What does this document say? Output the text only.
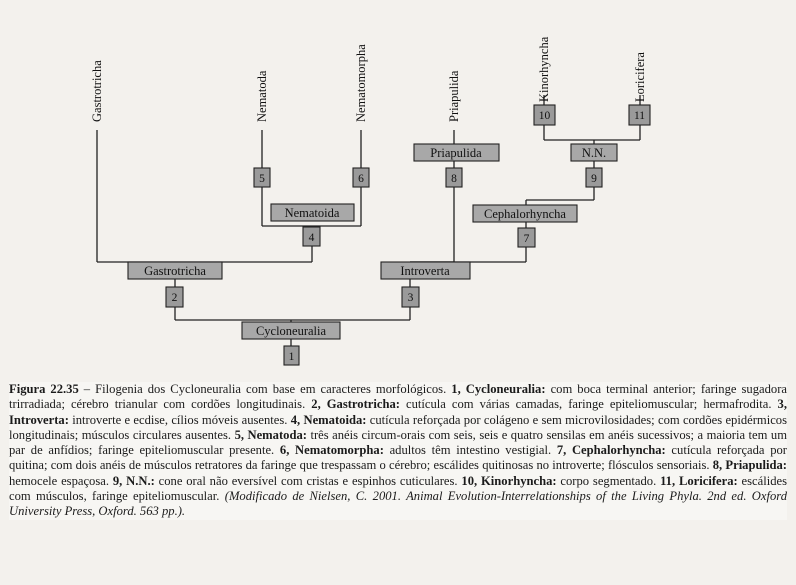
Gastrotricha	Nematoda	Nematomorpha	Priapulida	Kinorhyncha	Loricifera
Cycloneuralia
Gastrotricha	Introverta
Nematoida	Cephalorhyncha
Priapulida	N.N.
1
2	3
4
5	6
7
8	9
10	11
Figura 22.35 – Filogenia dos Cycloneuralia com base em caracteres morfológicos. 1, Cycloneuralia: com boca terminal anterior; faringe sugadora trirradiada; cérebro trianular com cordões longitudinais. 2, Gastrotricha: cutícula com várias camadas, faringe epiteliomuscular; hermafrodita. 3, Introverta: introverte e ecdise, cílios móveis ausentes. 4, Nematoida: cutícula reforçada por colágeno e sem microvilosidades; com cordões epidérmicos longitudinais; músculos circulares ausentes. 5, Nematoda: três anéis circum-orais com seis, seis e quatro sensilas em anéis sucessivos; a maioria tem um par de anfídios; faringe epiteliomuscular presente. 6, Nematomorpha: adultos têm intestino vestigial. 7, Cephalorhyncha: cutícula reforçada por quitina; com dois anéis de músculos retratores da faringe que trespassam o cérebro; escálides quitinosas no introverte; flósculos sensoriais. 8, Priapulida: hemocele espaçosa. 9, N.N.: cone oral não eversível com cristas e espinhos cuticulares. 10, Kinorhyncha: corpo segmentado. 11, Loricifera: escálides com músculos, faringe epiteliomuscular. (Modificado de Nielsen, C. 2001. Animal Evolution-Interrelationships of the Living Phyla. 2nd ed. Oxford University Press, Oxford. 563 pp.).
